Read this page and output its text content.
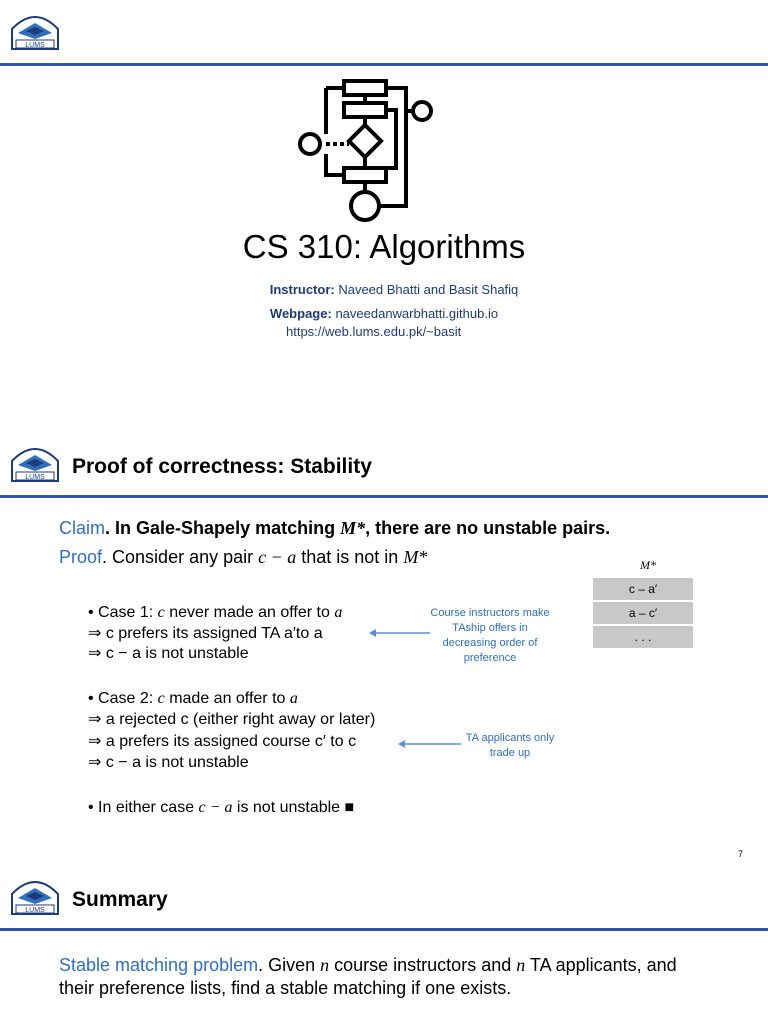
LUMS
CS 310: Algorithms
Instructor: Naveed Bhatti and Basit Shafiq
Webpage: naveedanwarbhatti.github.io
https://web.lums.edu.pk/~basit
LUMS Proof of correctness: Stability
Claim. In Gale-Shapely matching M*, there are no unstable pairs.
Proof. Consider any pair c − a that is not in M*	M*
c – a′
a – c′
. . .
• Case 1: c never made an offer to a
⇒ c prefers its assigned TA a′to a
⇒ c − a is not unstable
• Case 2: c made an offer to a
⇒ a rejected c (either right away or later)
⇒ a prefers its assigned course c′ to c
⇒ c − a is not unstable
• In either case c − a is not unstable ■
Course instructors make TAship offers in decreasing order of preference
TA applicants only trade up
7
LUMS Summary
Stable matching problem. Given n course instructors and n TA applicants, and their preference lists, find a stable matching if one exists.
